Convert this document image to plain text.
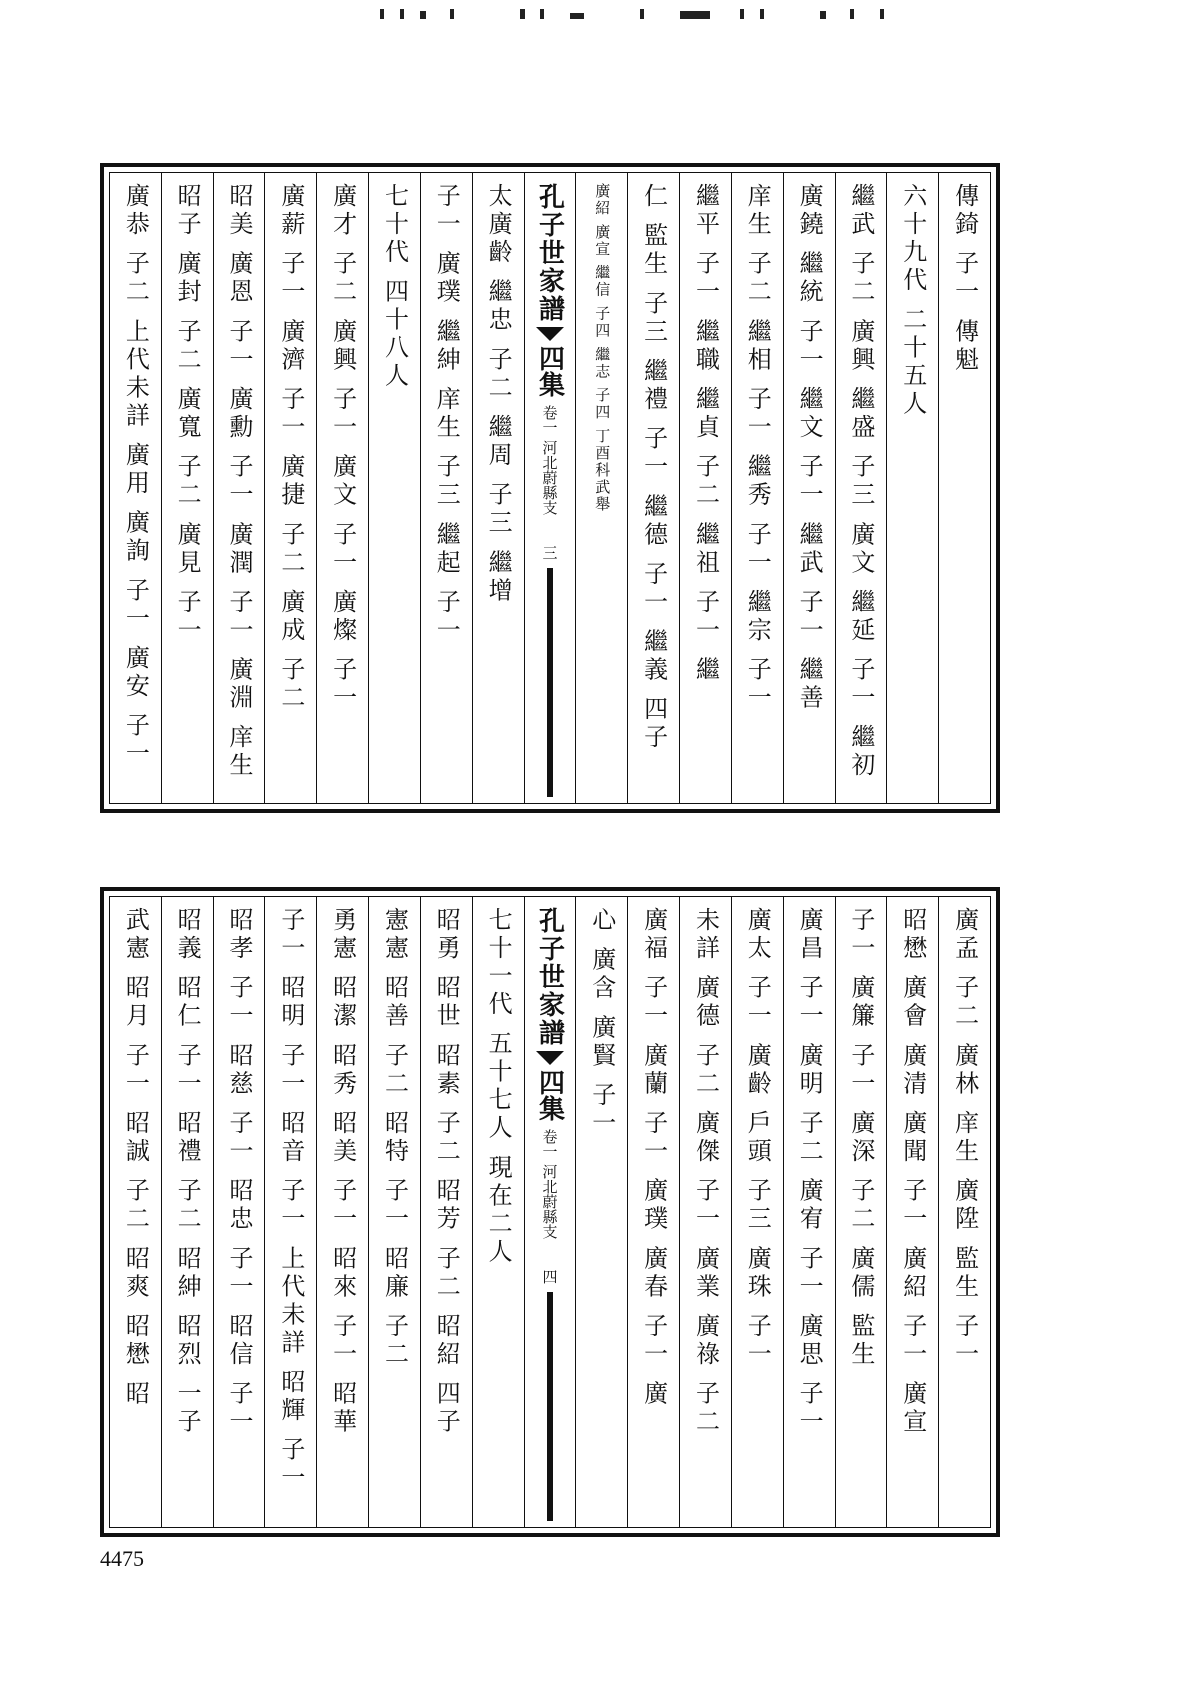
傳錡 子一 傳魁
六十九代 二十五人
繼武 子二 廣興 繼盛 子三 廣文 繼延 子一 繼初
廣鐃 繼統 子一 繼文 子一 繼武 子一 繼善
庠生 子二 繼相 子一 繼秀 子一 繼宗 子一
繼平 子一 繼職 繼貞 子二 繼祖 子一 繼
仁 監生 子三 繼禮 子一 繼德 子一 繼義 四子
廣紹 廣宣 繼信 子四 繼志 子四 丁酉科武舉
孔子世家譜
四集
卷一 河北蔚縣支
三
太廣齡 繼忠 子二 繼周 子三 繼增
子一 廣璞 繼紳 庠生 子三 繼起 子一
七十代 四十八人
廣才 子二 廣興 子一 廣文 子一 廣燦 子一
廣薪 子一 廣濟 子一 廣捷 子二 廣成 子二
昭美 廣恩 子一 廣勳 子一 廣潤 子一 廣淵 庠生
昭子 廣封 子二 廣寬 子二 廣見 子一
廣恭 子二 上代未詳 廣用 廣詢 子一 廣安 子一
廣孟 子二 廣林 庠生 廣陞 監生 子一
昭懋 廣會 廣清 廣聞 子一 廣紹 子一 廣宣
子一 廣簾 子一 廣深 子二 廣儒 監生
廣昌 子一 廣明 子二 廣宥 子一 廣思 子一
廣太 子一 廣齡 戶頭 子三 廣珠 子一
未詳 廣德 子二 廣傑 子一 廣業 廣祿 子二
廣福 子一 廣蘭 子一 廣璞 廣春 子一 廣
心 廣含 廣賢 子一
孔子世家譜
四集
卷一 河北蔚縣支
四
七十一代 五十七人 現在二人
昭勇 昭世 昭素 子二 昭芳 子二 昭紹 四子
憲憲 昭善 子二 昭特 子一 昭廉 子二
勇憲 昭潔 昭秀 昭美 子一 昭來 子一 昭華
子一 昭明 子一 昭音 子一 上代未詳 昭輝 子一
昭孝 子一 昭慈 子一 昭忠 子一 昭信 子一
昭義 昭仁 子一 昭禮 子二 昭紳 昭烈 一子
武憲 昭月 子一 昭誠 子二 昭爽 昭懋 昭
4475
